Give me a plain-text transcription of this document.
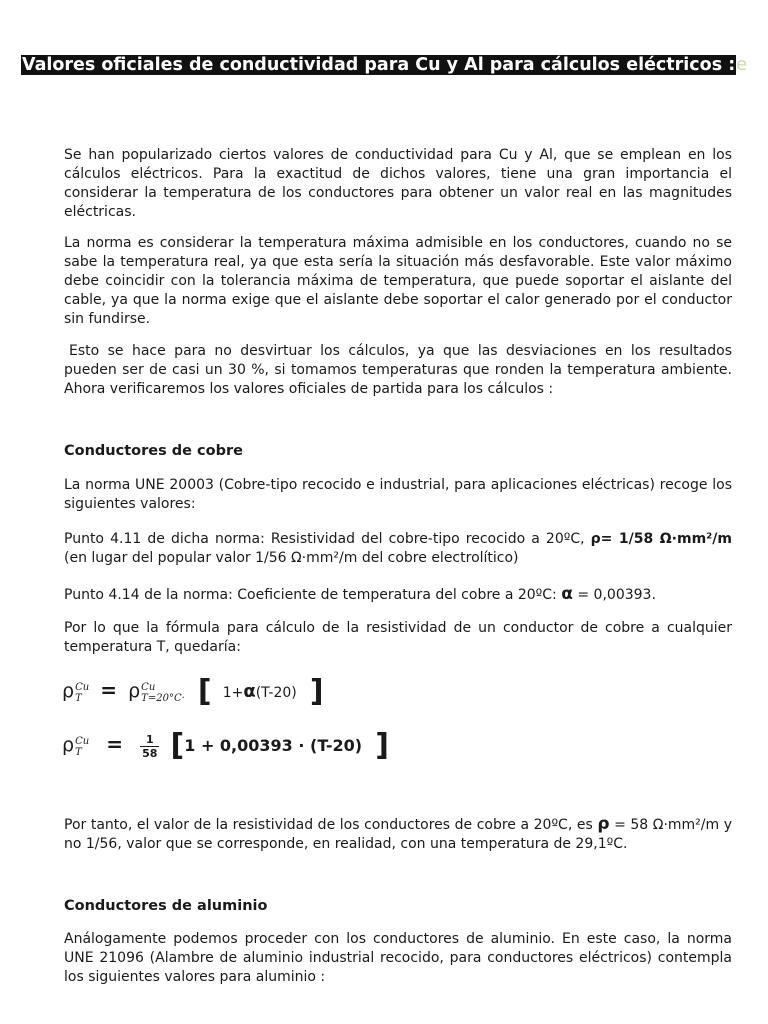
Valores oficiales de conductividad para Cu y Al para cálculos eléctricos :e

Se han popularizado ciertos valores de conductividad para Cu y Al, que se emplean en los cálculos eléctricos. Para la exactitud de dichos valores, tiene una gran importancia el considerar la temperatura de los conductores para obtener un valor real en las magnitudes eléctricas.

La norma es considerar la temperatura máxima admisible en los conductores, cuando no se sabe la temperatura real, ya que esta sería la situación más desfavorable. Este valor máximo debe coincidir con la tolerancia máxima de temperatura, que puede soportar el aislante del cable, ya que la norma exige que el aislante debe soportar el calor generado por el conductor sin fundirse.

Esto se hace para no desvirtuar los cálculos, ya que las desviaciones en los resultados pueden ser de casi un 30 %, si tomamos temperaturas que ronden la temperatura ambiente. Ahora verificaremos los valores oficiales de partida para los cálculos :

Conductores de cobre

La norma UNE 20003 (Cobre-tipo recocido e industrial, para aplicaciones eléctricas) recoge los siguientes valores:

Punto 4.11 de dicha norma: Resistividad del cobre-tipo recocido a 20ºC, ρ= 1/58 Ω·mm²/m (en lugar del popular valor 1/56 Ω·mm²/m del cobre electrolítico)

Punto 4.14 de la norma: Coeficiente de temperatura del cobre a 20ºC: α = 0,00393.

Por lo que la fórmula para cálculo de la resistividad de un conductor de cobre a cualquier temperatura T, quedaría:

ρ Cu
T = ρ Cu
T=20°C· [ 1+α(T-20) ]
ρ Cu
T	= $\frac{1}{58} [1 + 0,00393 \cdot (T-20)$ ]

Por tanto, el valor de la resistividad de los conductores de cobre a 20ºC, es ρ = 58 Ω·mm²/m y no 1/56, valor que se corresponde, en realidad, con una temperatura de 29,1ºC.

Conductores de aluminio

Análogamente podemos proceder con los conductores de aluminio. En este caso, la norma UNE 21096 (Alambre de aluminio industrial recocido, para conductores eléctricos) contempla los siguientes valores para aluminio :
